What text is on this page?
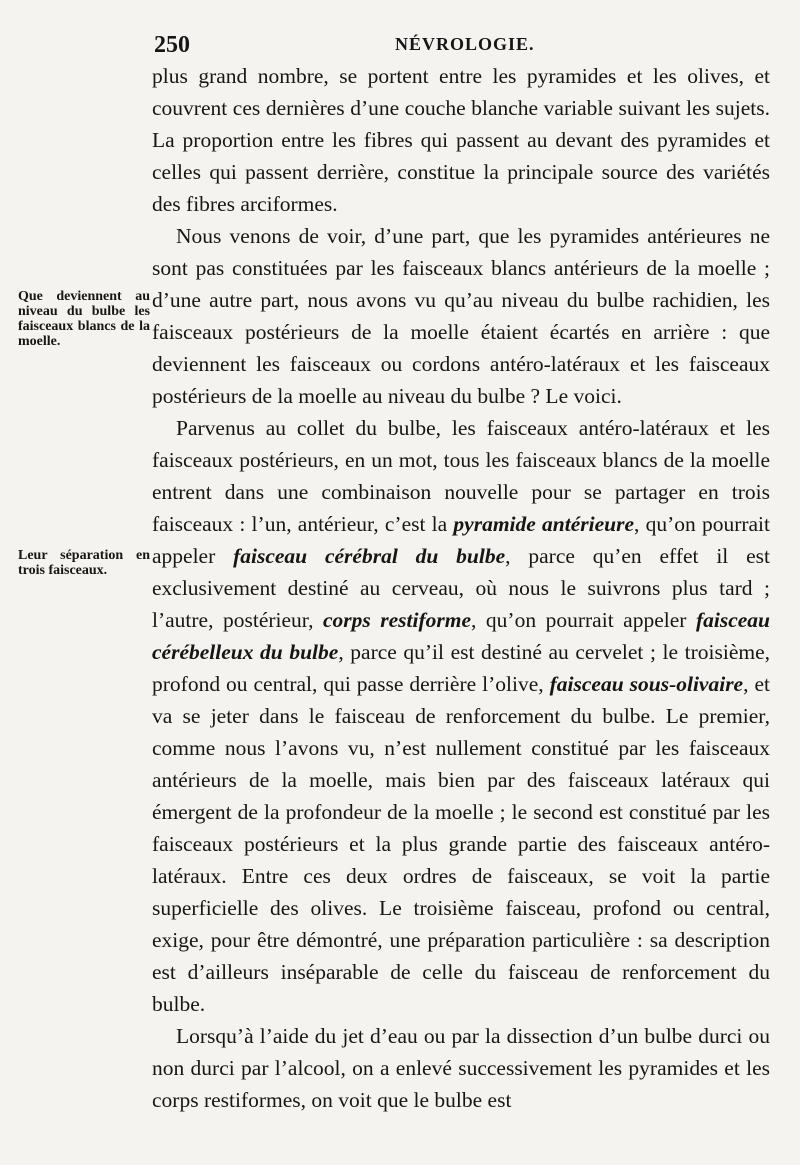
250	NÉVROLOGIE.
Que deviennent au niveau du bulbe les faisceaux blancs de la moelle.
Leur séparation en trois faisceaux.

plus grand nombre, se portent entre les pyramides et les olives, et couvrent ces dernières d’une couche blanche variable suivant les sujets. La proportion entre les fibres qui passent au devant des pyramides et celles qui passent derrière, constitue la principale source des variétés des fibres arciformes.

Nous venons de voir, d’une part, que les pyramides antérieures ne sont pas constituées par les faisceaux blancs antérieurs de la moelle ; d’une autre part, nous avons vu qu’au niveau du bulbe rachidien, les faisceaux postérieurs de la moelle étaient écartés en arrière : que deviennent les faisceaux ou cordons antéro-latéraux et les faisceaux postérieurs de la moelle au niveau du bulbe ? Le voici.

Parvenus au collet du bulbe, les faisceaux antéro-latéraux et les faisceaux postérieurs, en un mot, tous les faisceaux blancs de la moelle entrent dans une combinaison nouvelle pour se partager en trois faisceaux : l’un, antérieur, c’est la pyramide antérieure, qu’on pourrait appeler faisceau cérébral du bulbe, parce qu’en effet il est exclusivement destiné au cerveau, où nous le suivrons plus tard ; l’autre, postérieur, corps restiforme, qu’on pourrait appeler faisceau cérébelleux du bulbe, parce qu’il est destiné au cervelet ; le troisième, profond ou central, qui passe derrière l’olive, faisceau sous-olivaire, et va se jeter dans le faisceau de renforcement du bulbe. Le premier, comme nous l’avons vu, n’est nullement constitué par les faisceaux antérieurs de la moelle, mais bien par des faisceaux latéraux qui émergent de la profondeur de la moelle ; le second est constitué par les faisceaux postérieurs et la plus grande partie des faisceaux antéro-latéraux. Entre ces deux ordres de faisceaux, se voit la partie superficielle des olives. Le troisième faisceau, profond ou central, exige, pour être démontré, une préparation particulière : sa description est d’ailleurs inséparable de celle du faisceau de renforcement du bulbe.

Lorsqu’à l’aide du jet d’eau ou par la dissection d’un bulbe durci ou non durci par l’alcool, on a enlevé successivement les pyramides et les corps restiformes, on voit que le bulbe est
